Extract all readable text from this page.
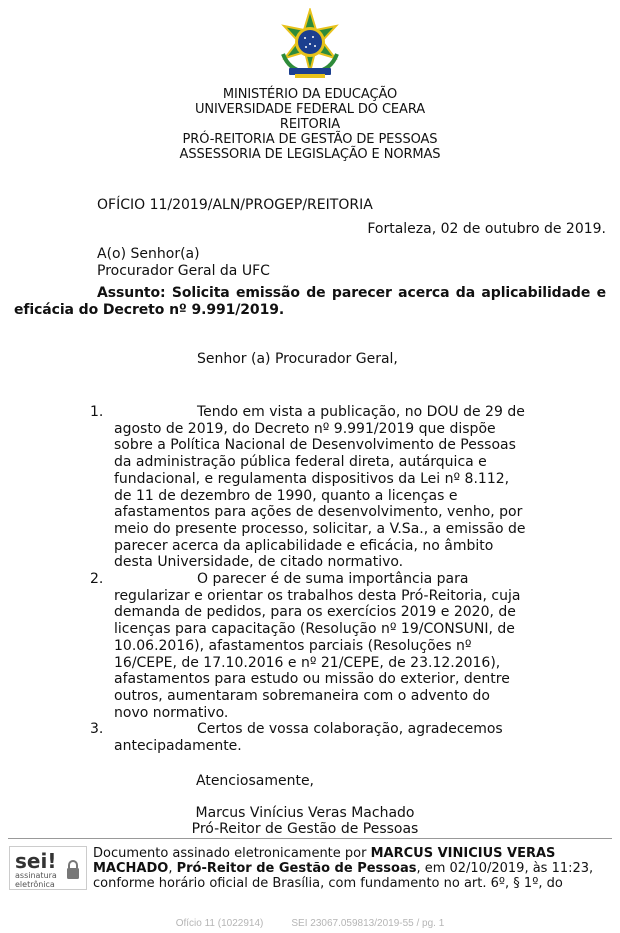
MINISTÉRIO DA EDUCAÇÃO
UNIVERSIDADE FEDERAL DO CEARA
REITORIA
PRÓ-REITORIA DE GESTÃO DE PESSOAS
ASSESSORIA DE LEGISLAÇÃO E NORMAS
OFÍCIO 11/2019/ALN/PROGEP/REITORIA
Fortaleza, 02 de outubro de 2019.
A(o) Senhor(a)
Procurador Geral da UFC
Assunto: Solicita emissão de parecer acerca da aplicabilidade e
eficácia do Decreto nº 9.991/2019.
Senhor (a) Procurador Geral,
1.	Tendo em vista a publicação, no DOU de 29 de agosto de 2019, do Decreto nº 9.991/2019 que dispõe sobre a Política Nacional de Desenvolvimento de Pessoas da administração pública federal direta, autárquica e fundacional, e regulamenta dispositivos da Lei nº 8.112, de 11 de dezembro de 1990, quanto a licenças e afastamentos para ações de desenvolvimento, venho, por meio do presente processo, solicitar, a V.Sa., a emissão de parecer acerca da aplicabilidade e eficácia, no âmbito desta Universidade, de citado normativo.
2.	O parecer é de suma importância para regularizar e orientar os trabalhos desta Pró-Reitoria, cuja demanda de pedidos, para os exercícios 2019 e 2020, de licenças para capacitação (Resolução nº 19/CONSUNI, de 10.06.2016), afastamentos parciais (Resoluções nº 16/CEPE, de 17.10.2016 e nº 21/CEPE, de 23.12.2016), afastamentos para estudo ou missão do exterior, dentre outros, aumentaram sobremaneira com o advento do novo normativo.
3.	Certos de vossa colaboração, agradecemos antecipadamente.
Atenciosamente,
Marcus Vinícius Veras Machado
Pró-Reitor de Gestão de Pessoas
sei!
assinatura
eletrônica
Documento assinado eletronicamente por MARCUS VINICIUS VERAS MACHADO, Pró-Reitor de Gestão de Pessoas, em 02/10/2019, às 11:23, conforme horário oficial de Brasília, com fundamento no art. 6º, § 1º, do
Ofício 11 (1022914)	SEI 23067.059813/2019-55 / pg. 1
